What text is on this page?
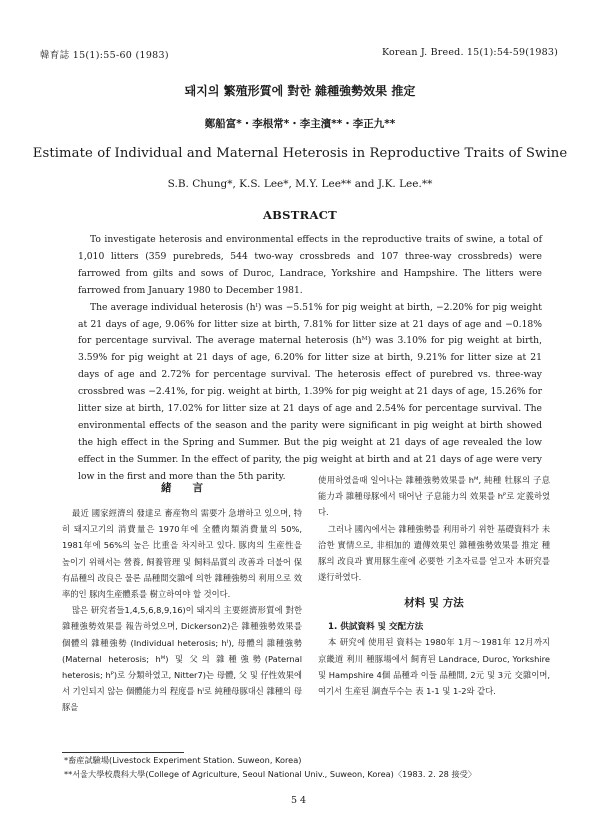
韓育誌 15(1):55-60 (1983)	Korean J. Breed. 15(1):54-59(1983)
돼지의 繁殖形質에 對한 雜種強勢效果 推定
鄭船富*・李根常*・李主濱**・李正九**
Estimate of Individual and Maternal Heterosis in Reproductive Traits of Swine
S.B. Chung*, K.S. Lee*, M.Y. Lee** and J.K. Lee.**
ABSTRACT

To investigate heterosis and environmental effects in the reproductive traits of swine, a total of 1,010 litters (359 purebreds, 544 two-way crossbreds and 107 three-way crossbreds) were farrowed from gilts and sows of Duroc, Landrace, Yorkshire and Hampshire. The litters were farrowed from January 1980 to December 1981.

The average individual heterosis (hᴵ) was −5.51% for pig weight at birth, −2.20% for pig weight at 21 days of age, 9.06% for litter size at birth, 7.81% for litter size at 21 days of age and −0.18% for percentage survival. The average maternal heterosis (hᴹ) was 3.10% for pig weight at birth, 3.59% for pig weight at 21 days of age, 6.20% for litter size at birth, 9.21% for litter size at 21 days of age and 2.72% for percentage survival. The heterosis effect of purebred vs. three-way crossbred was −2.41%, for pig. weight at birth, 1.39% for pig weight at 21 days of age, 15.26% for litter size at birth, 17.02% for litter size at 21 days of age and 2.54% for percentage survival. The environmental effects of the season and the parity were significant in pig weight at birth showed the high effect in the Spring and Summer. But the pig weight at 21 days of age revealed the low effect in the Summer. In the effect of parity, the pig weight at birth and at 21 days of age were very low in the first and more than the 5th parity.

緒　　言

最近 國家經濟의 發達로 畜産物의 需要가 急增하고 있으며, 特히 돼지고기의 消費量은 1970年에 全體肉類消費量의 50%, 1981年에 56%의 높은 比重을 차지하고 있다. 豚肉의 生産性을 높이기 위해서는 營養, 飼養管理 및 飼料品質의 改善과 더불어 保有品種의 改良은 물론 品種間交雜에 의한 雜種強勢의 利用으로 效率的인 豚肉生産體系를 樹立하여야 할 것이다.

많은 研究者들1,4,5,6,8,9,16)이 돼지의 主要經濟形質에 對한 雜種強勢效果를 報告하였으며, Dickerson2)은 雜種強勢效果를 個體의 雜種強勢 (Individual heterosis; hᴵ), 母體의 雜種強勢(Maternal heterosis; hᴹ) 및 父의 雜種強勢(Paternal heterosis; hᴾ)로 分類하였고, Nitter7)는 母體, 父 및 仔性效果에서 기인되지 않는 個體能力의 程度를 hᴵ로 純種母豚대신 雜種의 母豚을

使用하였을때 일어나는 雜種強勢效果를 hᴹ, 純種 牡豚의 子息能力과 雜種母豚에서 태어난 子息能力의 效果를 hᴾ로 定義하였다.

그러나 國內에서는 雜種強勢를 利用하기 위한 基礎資料가 未洽한 實情으로, 非相加的 遺傳效果인 雜種強勢效果를 推定 種豚의 改良과 實用豚生産에 必要한 기초자료를 얻고자 本研究를 遂行하였다.

材料 및 方法
1. 供試資料 및 交配方法

本 研究에 使用된 資料는 1980年 1月～1981年 12月까지 京畿道 利川 種豚場에서 飼育된 Landrace, Duroc, Yorkshire 및 Hampshire 4個 品種과 이들 品種間, 2元 및 3元 交雜이며, 여기서 生産된 調査두수는 表 1-1 및 1-2와 같다.

*畜産試驗場(Livestock Experiment Station. Suweon, Korea)

**서울大學校農科大學(College of Agriculture, Seoul National Univ., Suweon, Korea)〈1983. 2. 28 接受〉

54
